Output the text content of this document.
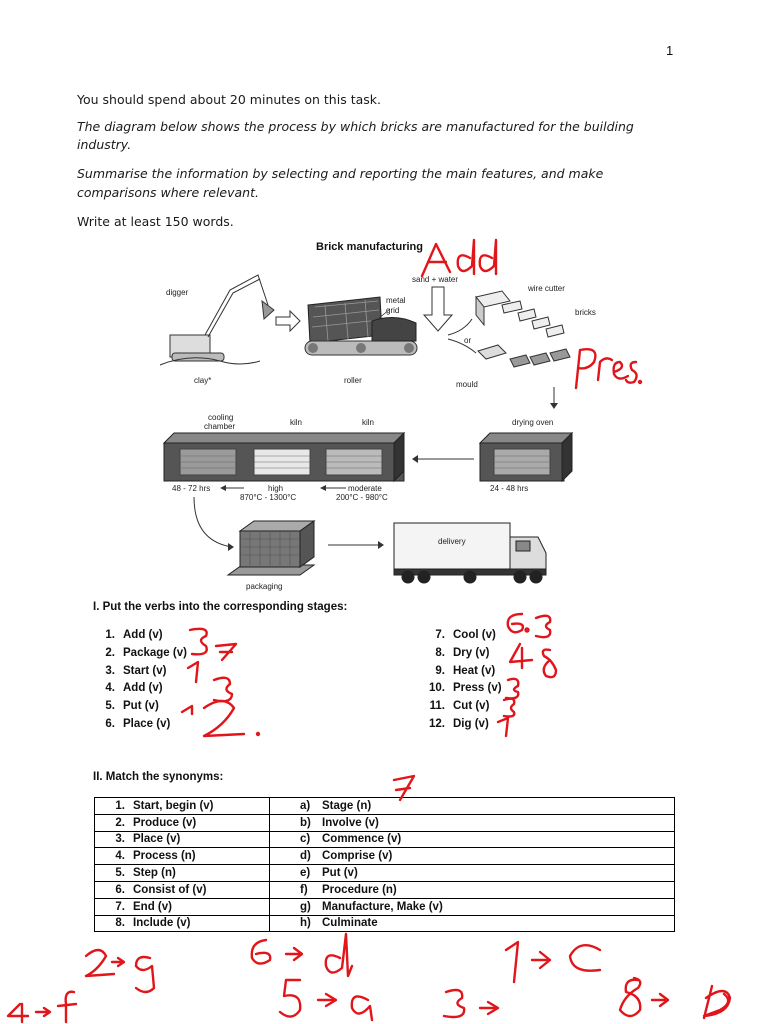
1
You should spend about 20 minutes on this task.
The diagram below shows the process by which bricks are manufactured for the building
industry.
Summarise the information by selecting and reporting the main features, and make
comparisons where relevant.
Write at least 150 words.
Brick manufacturing
digger
clay*
metal
grid
roller
sand + water
or
wire cutter
bricks
mould
cooling
chamber	kiln	kiln	drying oven
48 - 72 hrs	high
870°C - 1300°C
moderate
200°C - 980°C
24 - 48 hrs
packaging
delivery
I. Put the verbs into the corresponding stages:
1. Add (v)
2. Package (v)
3. Start (v)
4. Add (v)
5. Put (v)
6. Place (v)
7. Cool (v)
8. Dry (v)
9. Heat (v)
10. Press (v)
11. Cut (v)
12. Dig (v)
II. Match the synonyms:
1. Start, begin (v)	a) Stage (n)
2. Produce (v)	b) Involve (v)
3. Place (v)	c) Commence (v)
4. Process (n)	d) Comprise (v)
5. Step (n)	e) Put (v)
6. Consist of (v)	f) Procedure (n)
7. End (v)	g) Manufacture, Make (v)
8. Include (v)	h) Culminate
